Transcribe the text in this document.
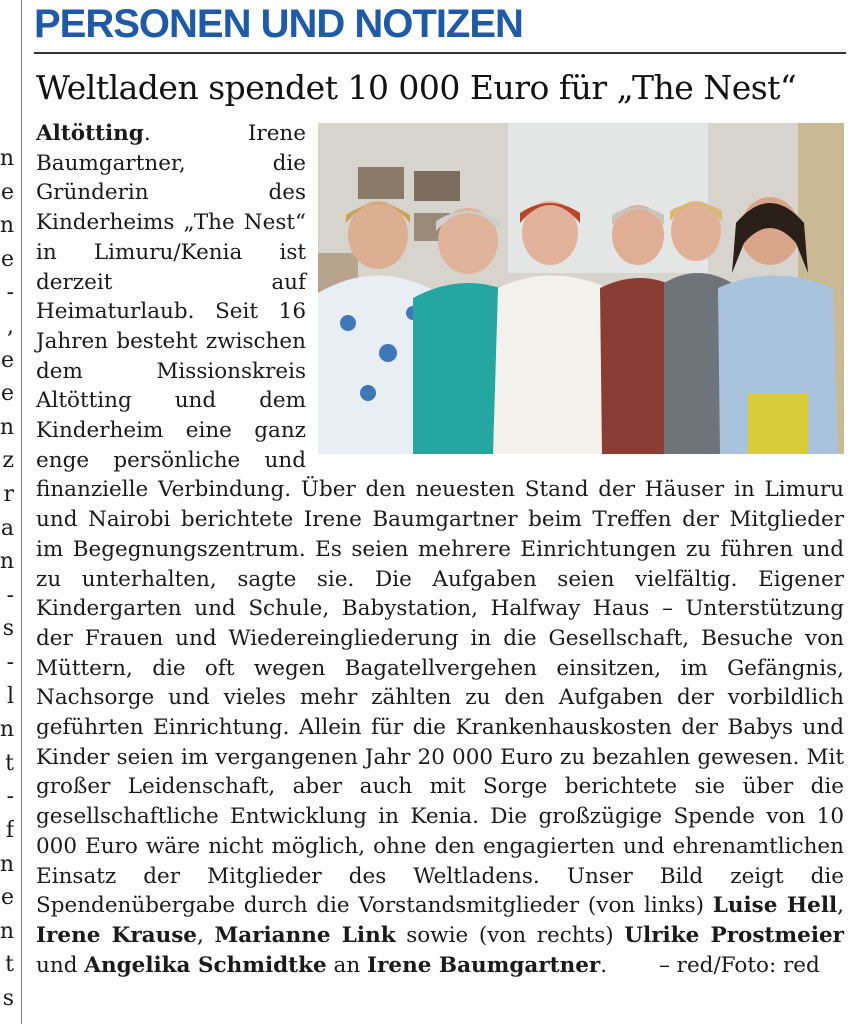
n
e
n
e
-
,
e
e
n
z
r
a
n
-
s
-
l
n
t
-
f
n
e
n
t
s
PERSONEN UND NOTIZEN
Weltladen spendet 10 000 Euro für „The Nest“
Altötting. Irene Baumgartner, die Gründerin des Kinderheims „The Nest“ in Limuru/Kenia ist derzeit auf Heimaturlaub. Seit 16 Jahren besteht zwischen dem Missionskreis Altötting und dem Kinderheim eine ganz enge persönliche und finanzielle Verbindung. Über den neuesten Stand der Häuser in Limuru und Nairobi berichtete Irene Baumgartner beim Treffen der Mitglieder im Begegnungszentrum. Es seien mehrere Einrichtungen zu führen und zu unterhalten, sagte sie. Die Aufgaben seien vielfältig. Eigener Kindergarten und Schule, Babystation, Halfway Haus – Unterstützung der Frauen und Wiedereingliederung in die Gesellschaft, Besuche von Müttern, die oft wegen Bagatellvergehen einsitzen, im Gefängnis, Nachsorge und vieles mehr zählten zu den Aufgaben der vorbildlich geführten Einrichtung. Allein für die Krankenhauskosten der Babys und Kinder seien im vergangenen Jahr 20 000 Euro zu bezahlen gewesen. Mit großer Leidenschaft, aber auch mit Sorge berichtete sie über die gesellschaftliche Entwicklung in Kenia. Die großzügige Spende von 10 000 Euro wäre nicht möglich, ohne den engagierten und ehrenamtlichen Einsatz der Mitglieder des Weltladens. Unser Bild zeigt die Spendenübergabe durch die Vorstandsmitglieder (von links) Luise Hell, Irene Krause, Marianne Link sowie (von rechts) Ulrike Prostmeier und Angelika Schmidtke an Irene Baumgartner. – red/Foto: red
